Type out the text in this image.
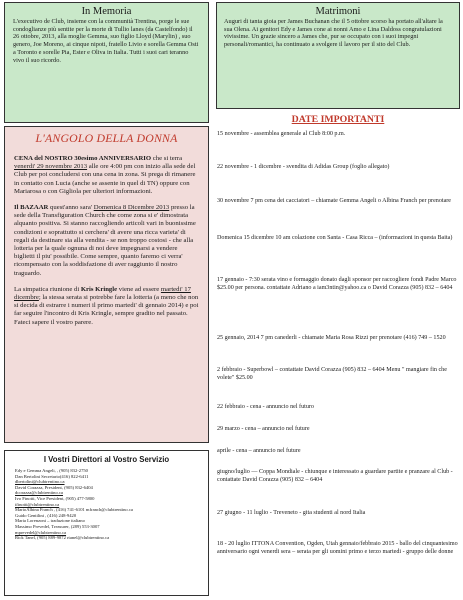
In Memoria
L'executivo de Club, insieme con la communità Trentina, porge le sue condoglianze più sentite per la morte di Tullio lanes (da Castelfondo) il 26 ottobre, 2013, alla moglie Gemma, suo figlio Lloyd (Marylin) , suo genero, Joe Moreno, ai cinque nipoti, fratello Livio e sorella Gemma Osti a Toronto e sorelle Pia, Ester e Oliva in Italia. Tutti i suoi cari teranno vivo il suo ricordo.
Matrimoni
Auguri di tanta gioia per James Buchanan che il 5 ottobre scorso ha portato all'altare la sua Olena. Ai genitori Edy e James cone ai nonni Amo e Lina Daldoss congratulazioni vivissime. Un grazie sincero a James che, pur se occupato con i suoi impegni personali/romantici, ha continuato a svolgere il lavoro per il sito del Club.
L'ANGOLO DELLA DONNA
CENA del NOSTRO 30esimo ANNIVERSARIO che si terra venerdi' 29 novembre 2013 alle ore 4:00 pm con inizio alla sede del Club per poi concludersi con una cena in zona. Si prega di rimanere in contatto con Lucia (anche se assente in quel di TN) oppure con Mariarosa o con Gigliola per ulteriori informazioni.
Il BAZAAR quest'anno sara' Domenica 8 Dicembre 2013 presso la sede della Transfiguration Church che come zona si e' dimostrata alquanto positiva. Si stanno raccogliendo articoli vari in buonissime condizioni e soprattutto si cerchera' di avere una ricca varieta' di regali da destinare sia alla vendita - se non troppo costosi - che alla lotteria per la quale ognuna di noi deve impegnarsi a vendere biglietti il piu' possibile. Come sempre, quanto faremo ci verra' ricompensato con la soddisfazione di aver raggiunto il nostro traguardo.
La simpatica riunione di Kris Kringle viene ad essere martedi' 17 dicembre; la stessa serata si potrebbe fare la lotteria (a meno che non si decida di estrarre i numeri il primo martedi' di gennaio 2014) e poi far seguire l'incontro di Kris Kringle, sempre gradito nel passato. Fateci sapere il vostro parere.
I Vostri Direttori al Vostro Servizio

Edy e Gemma Angeli, , (905) 832-2750

Dan Bertolini Secretario(416) 822-6411

dbertolini@clubtrentino.ca

David Corazza, President, (905) 832-6404

dcorazza@clubtrentino.ca

Ivo Finotti, Vice President, (905) 477-5800

ifinotti@clubtrentino.ca

MarioAlbina Franch , (416) 741-6101 mfranch@clubtrentino.ca

Guido Gentilini , (416) 248-9420

Maria Lorenzoni – traduzione italiano

Massimo Prevedel, Treasurer, (289) 553-3007

mprevedel@clubtrentino.ca

Rick Tanel, (905) 889-9872 rtanel@clubtrentino.ca

DATE IMPORTANTI

15 novembre - assemblea generale al Club 8:00 p.m.

22 novembre - 1 dicembre - svendita di Adidas Group (foglio allegato)

30 novembre 7 pm cena dei cacciatori – chiamate Gemma Angeli o Albina Franch per prenotare

Domenica 15 dicembre 10 am colazione con Santa - Casa Ricca – (informazioni in questa Baita)

17 gennaio - 7:30 serata vino e formaggio donato dagli sponsor per raccogliere fondi Padre Marco $25.00 per persona. contattate Adriano a iam3ntin@yahoo.ca o David Corazza (905) 832 – 6404

25 gennaio, 2014 7 pm canederli - chiamate Maria Rosa Rizzi per prenotare (416) 749 – 1520

2 febbraio - Superbowl – contattate David Corazza (905) 832 – 6404 Menu " mangiare fin che volete" $25.00

22 febbraio - cena - annuncio nel futuro

29 marzo - cena – annuncio nel future

aprile - cena – annuncio nel future

giugno/luglio — Coppa Mondiale - chiunque e interessato a guardare partite e pranzare al Club - contattate David Corazza (905) 832 – 6404

27 giugno - 11 luglio - Treveneto - gita studenti al nord Italia

18 - 20 luglio ITTONA Convention, Ogden, Utah gennaio/febbraio 2015 - ballo del cinquantesimo anniversario ogni venerdi sera – serata per gli uomini primo e terzo martedi - gruppo delle donne
